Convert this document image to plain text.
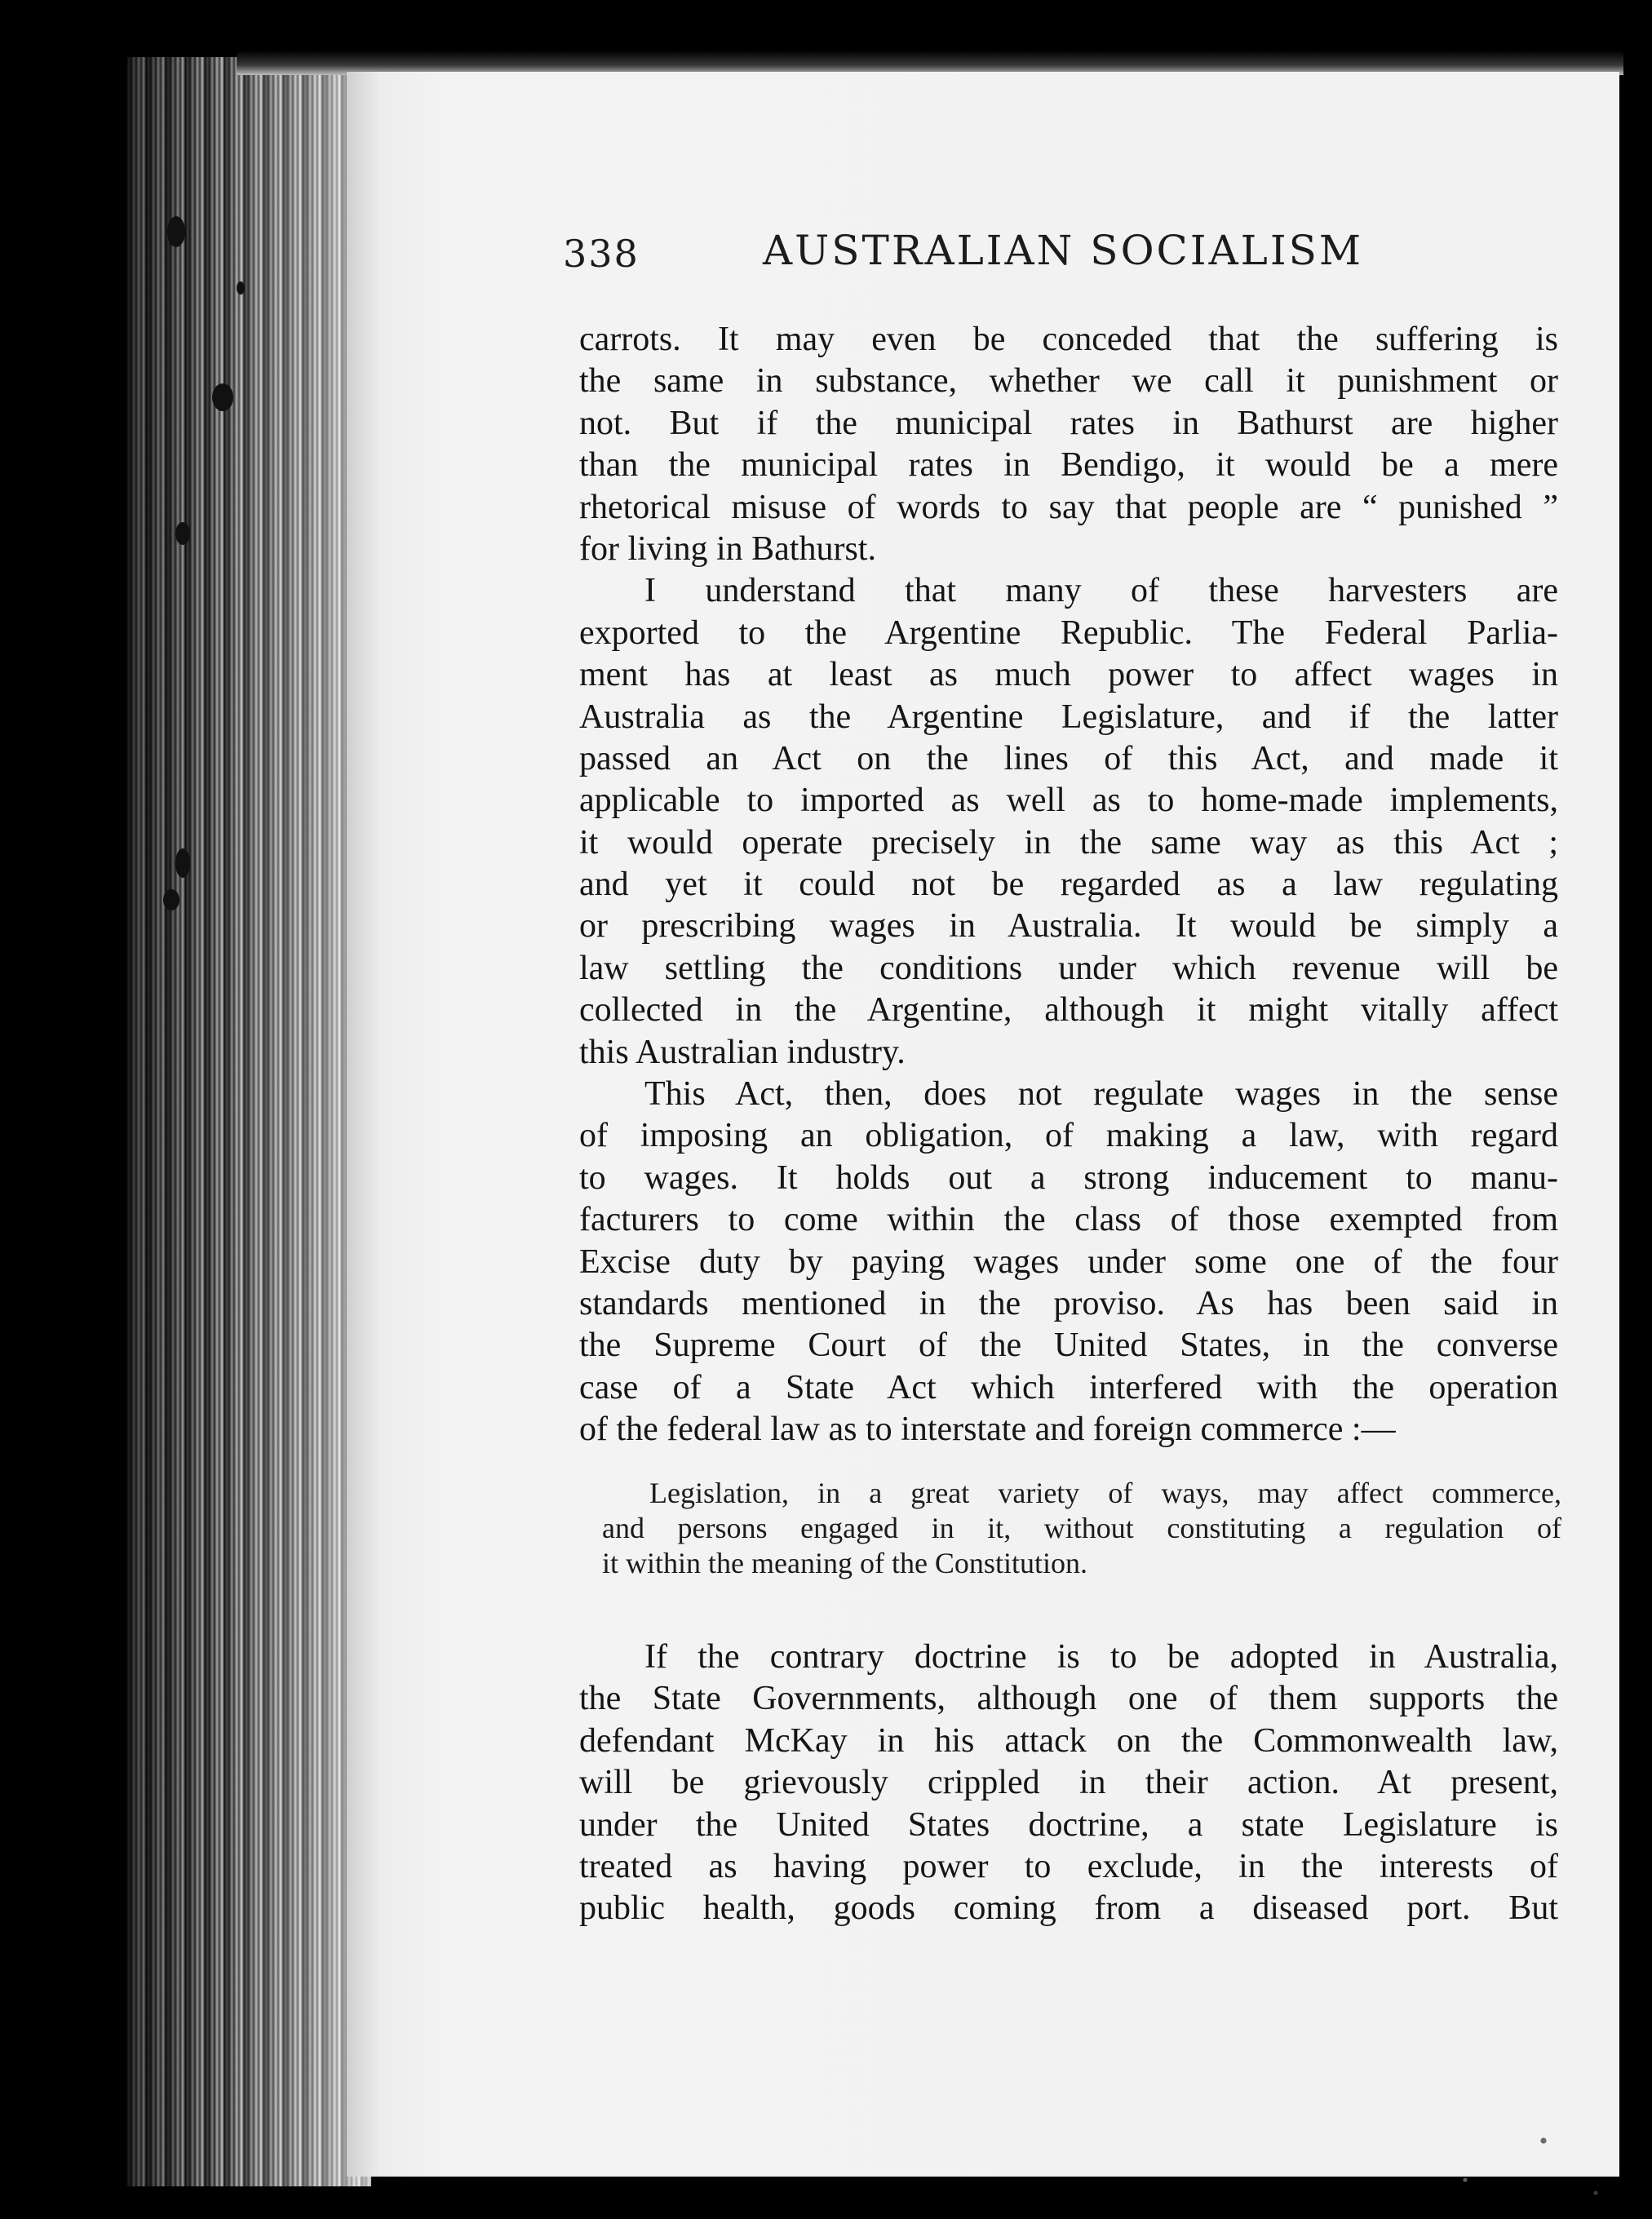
338	AUSTRALIAN SOCIALISM
carrots. It may even be conceded that the suffering is
the same in substance, whether we call it punishment or
not. But if the municipal rates in Bathurst are higher
than the municipal rates in Bendigo, it would be a mere
rhetorical misuse of words to say that people are “ punished ”
for living in Bathurst.
I understand that many of these harvesters are
exported to the Argentine Republic. The Federal Parlia-
ment has at least as much power to affect wages in
Australia as the Argentine Legislature, and if the latter
passed an Act on the lines of this Act, and made it
applicable to imported as well as to home-made implements,
it would operate precisely in the same way as this Act ;
and yet it could not be regarded as a law regulating
or prescribing wages in Australia. It would be simply a
law settling the conditions under which revenue will be
collected in the Argentine, although it might vitally affect
this Australian industry.
This Act, then, does not regulate wages in the sense
of imposing an obligation, of making a law, with regard
to wages. It holds out a strong inducement to manu-
facturers to come within the class of those exempted from
Excise duty by paying wages under some one of the four
standards mentioned in the proviso. As has been said in
the Supreme Court of the United States, in the converse
case of a State Act which interfered with the operation
of the federal law as to interstate and foreign commerce :—
Legislation, in a great variety of ways, may affect commerce,
and persons engaged in it, without constituting a regulation of
it within the meaning of the Constitution.
If the contrary doctrine is to be adopted in Australia,
the State Governments, although one of them supports the
defendant McKay in his attack on the Commonwealth law,
will be grievously crippled in their action. At present,
under the United States doctrine, a state Legislature is
treated as having power to exclude, in the interests of
public health, goods coming from a diseased port. But
